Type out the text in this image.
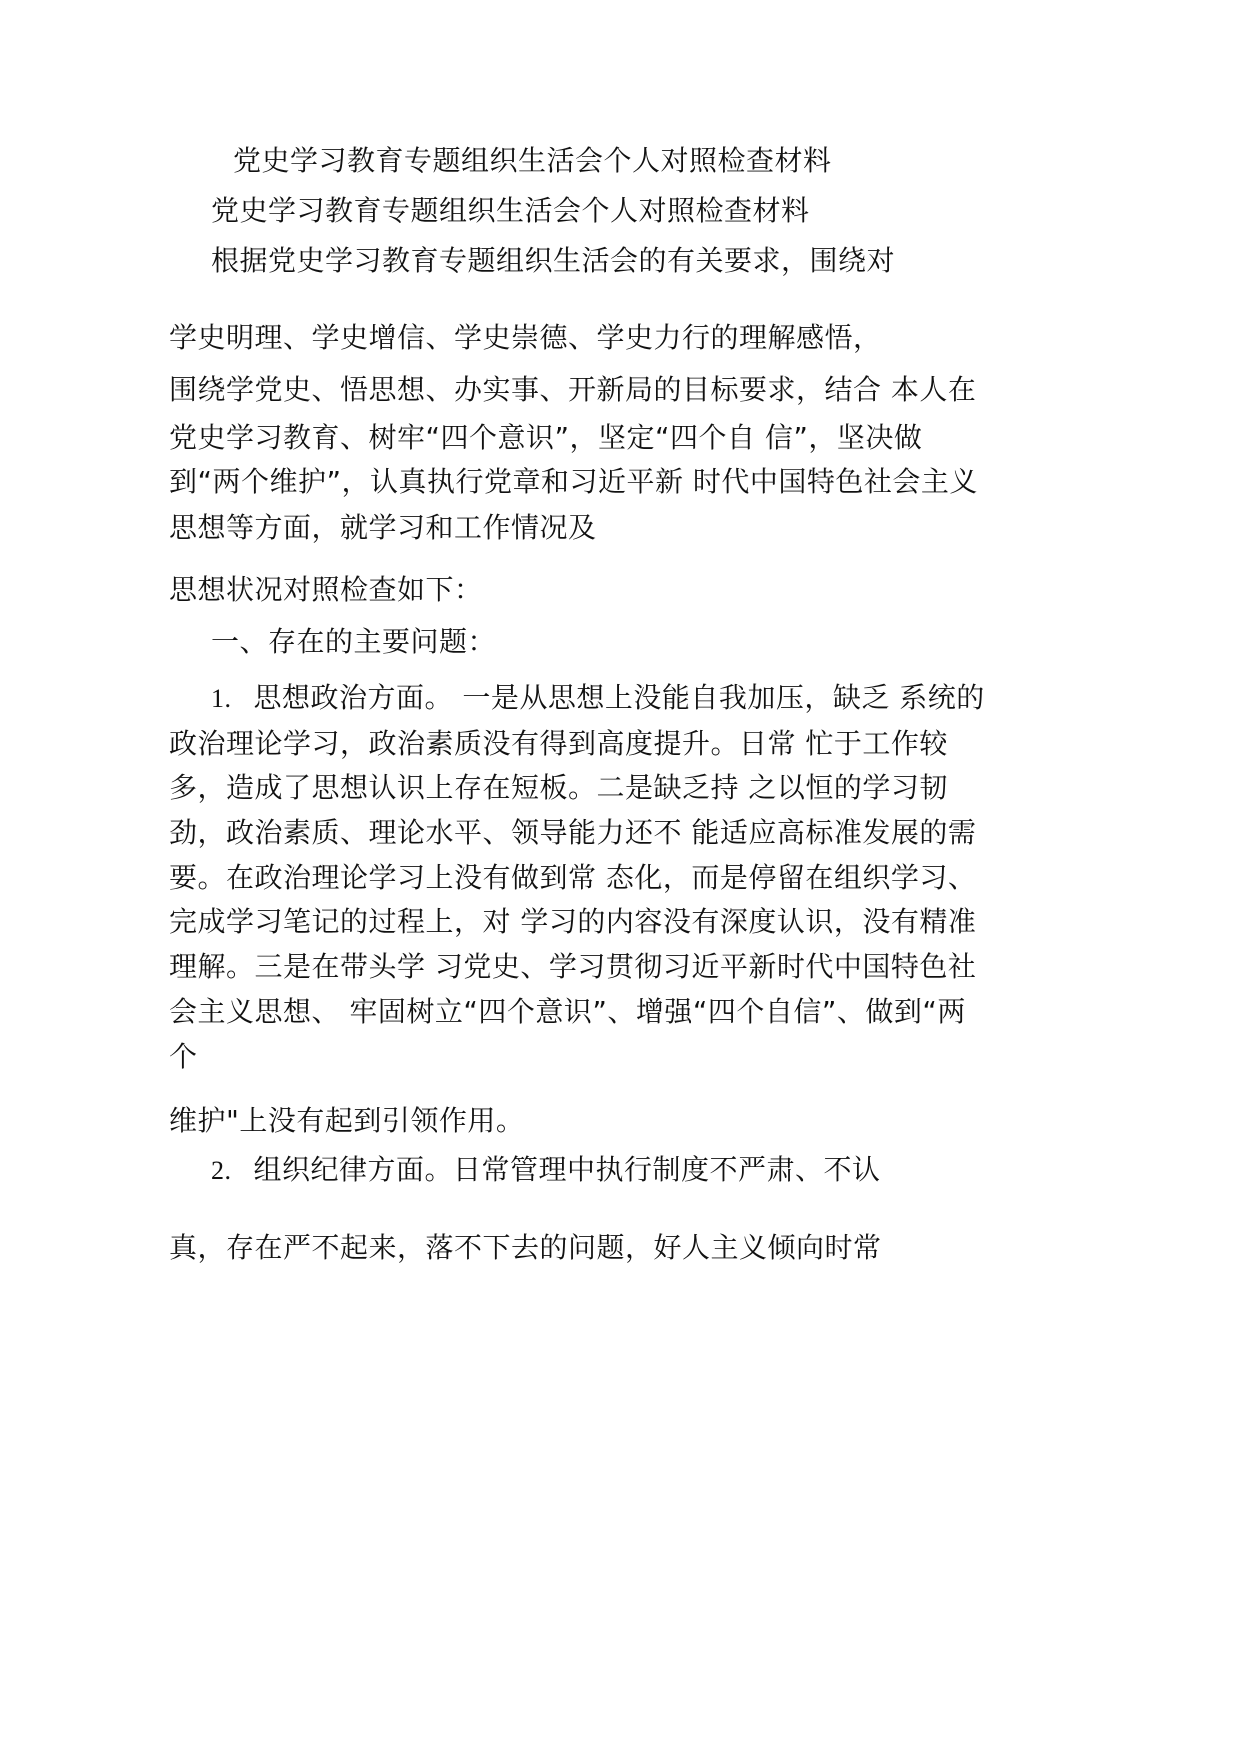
党史学习教育专题组织生活会个人对照检查材料
党史学习教育专题组织生活会个人对照检查材料
根据党史学习教育专题组织生活会的有关要求，围绕对
学史明理、学史增信、学史崇德、学史力行的理解感悟，
围绕学党史、悟思想、办实事、开新局的目标要求，结合 本人在
党史学习教育、树牢“四个意识”，坚定“四个自 信”，坚决做
到“两个维护”，认真执行党章和习近平新 时代中国特色社会主义
思想等方面，就学习和工作情况及
思想状况对照检查如下：
一、存在的主要问题：
1. 思想政治方面。 一是从思想上没能自我加压，缺乏 系统的
政治理论学习，政治素质没有得到高度提升。日常 忙于工作较
多，造成了思想认识上存在短板。二是缺乏持 之以恒的学习韧
劲，政治素质、理论水平、领导能力还不 能适应高标准发展的需
要。在政治理论学习上没有做到常 态化，而是停留在组织学习、
完成学习笔记的过程上，对 学习的内容没有深度认识，没有精准
理解。三是在带头学 习党史、学习贯彻习近平新时代中国特色社
会主义思想、 牢固树立“四个意识”、增强“四个自信”、做到“两
个
维护"上没有起到引领作用。
2. 组织纪律方面。日常管理中执行制度不严肃、不认
真，存在严不起来，落不下去的问题，好人主义倾向时常
